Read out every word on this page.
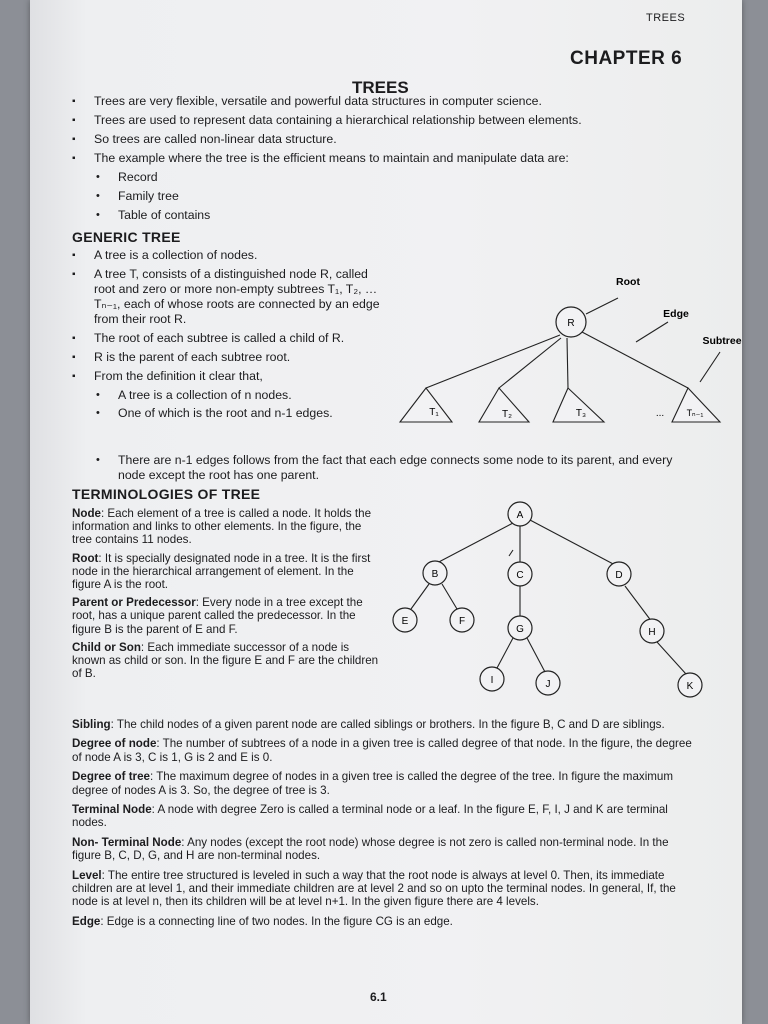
TREES
CHAPTER 6
TREES
▪ Trees are very flexible, versatile and powerful data structures in computer science.
▪ Trees are used to represent data containing a hierarchical relationship between elements.
▪ So trees are called non-linear data structure.
▪ The example where the tree is the efficient means to maintain and manipulate data are:
• Record
• Family tree
• Table of contains
GENERIC TREE
▪ A tree is a collection of nodes.
▪ A tree T, consists of a distinguished node R, called root and zero or more non-empty subtrees T₁, T₂, … Tₙ₋₁, each of whose roots are connected by an edge from their root R.
▪ The root of each subtree is called a child of R.
▪ R is the parent of each subtree root.
▪ From the definition it clear that,
• A tree is a collection of n nodes.
• One of which is the root and n-1 edges.
• There are n-1 edges follows from the fact that each edge connects some node to its parent, and every node except the root has one parent.
R
T₁	T₂	T₃	Tₙ₋₁
...
Root
Edge
Subtree
TERMINOLOGIES OF TREE

Node: Each element of a tree is called a node. It holds the information and links to other elements. In the figure, the tree contains 11 nodes.

Root: It is specially designated node in a tree. It is the first node in the hierarchical arrangement of element. In the figure A is the root.

Parent or Predecessor: Every node in a tree except the root, has a unique parent called the predecessor. In the figure B is the parent of E and F.

Child or Son: Each immediate successor of a node is known as child or son. In the figure E and F are the children of B.

A
B	C	D
E	F
G	H
I	J	K

Sibling: The child nodes of a given parent node are called siblings or brothers. In the figure B, C and D are siblings.

Degree of node: The number of subtrees of a node in a given tree is called degree of that node. In the figure, the degree of node A is 3, C is 1, G is 2 and E is 0.

Degree of tree: The maximum degree of nodes in a given tree is called the degree of the tree. In figure the maximum degree of nodes A is 3. So, the degree of tree is 3.

Terminal Node: A node with degree Zero is called a terminal node or a leaf. In the figure E, F, I, J and K are terminal nodes.

Non- Terminal Node: Any nodes (except the root node) whose degree is not zero is called non-terminal node. In the figure B, C, D, G, and H are non-terminal nodes.

Level: The entire tree structured is leveled in such a way that the root node is always at level 0. Then, its immediate children are at level 1, and their immediate children are at level 2 and so on upto the terminal nodes. In general, If, the node is at level n, then its children will be at level n+1. In the given figure there are 4 levels.

Edge: Edge is a connecting line of two nodes. In the figure CG is an edge.

6.1
